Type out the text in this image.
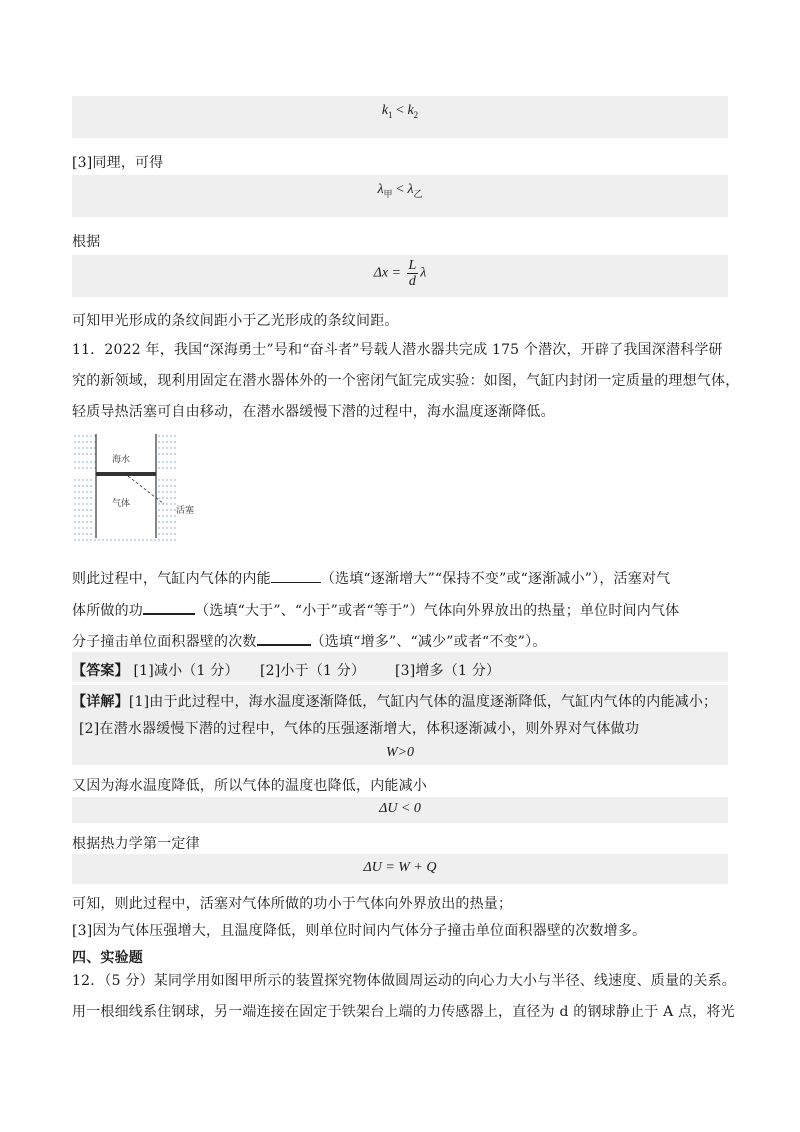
$k_1 < k_2$
[3]同理，可得
$\lambda_甲 < \lambda_乙$
根据
$\Delta x = \frac{L}{d}$ λ
可知甲光形成的条纹间距小于乙光形成的条纹间距。
11．2022 年，我国“深海勇士”号和“奋斗者”号载人潜水器共完成 175 个潜次，开辟了我国深潜科学研
究的新领域，现利用固定在潜水器体外的一个密闭气缸完成实验：如图，气缸内封闭一定质量的理想气体，
轻质导热活塞可自由移动，在潜水器缓慢下潜的过程中，海水温度逐渐降低。
海水
气体
活塞
则此过程中，气缸内气体的内能	（选填“逐渐增大”“保持不变”或“逐渐减小”），活塞对气
体所做的功	（选填“大于”、“小于”或者“等于”）气体向外界放出的热量；单位时间内气体
分子撞击单位面积器壁的次数	（选填“增多”、“减少”或者“不变”）。
【答案】 [1]减小（1 分） [2]小于（1 分） [3]增多（1 分）
【详解】[1]由于此过程中，海水温度逐渐降低，气缸内气体的温度逐渐降低，气缸内气体的内能减小；
[2]在潜水器缓慢下潜的过程中，气体的压强逐渐增大，体积逐渐减小，则外界对气体做功
W>0
又因为海水温度降低，所以气体的温度也降低，内能减小
ΔU < 0
根据热力学第一定律
ΔU = W + Q
可知，则此过程中，活塞对气体所做的功小于气体向外界放出的热量；
[3]因为气体压强增大，且温度降低，则单位时间内气体分子撞击单位面积器壁的次数增多。
四、实验题
12．（5 分）某同学用如图甲所示的装置探究物体做圆周运动的向心力大小与半径、线速度、质量的关系。
用一根细线系住钢球，另一端连接在固定于铁架台上端的力传感器上，直径为 d 的钢球静止于 A 点，将光
